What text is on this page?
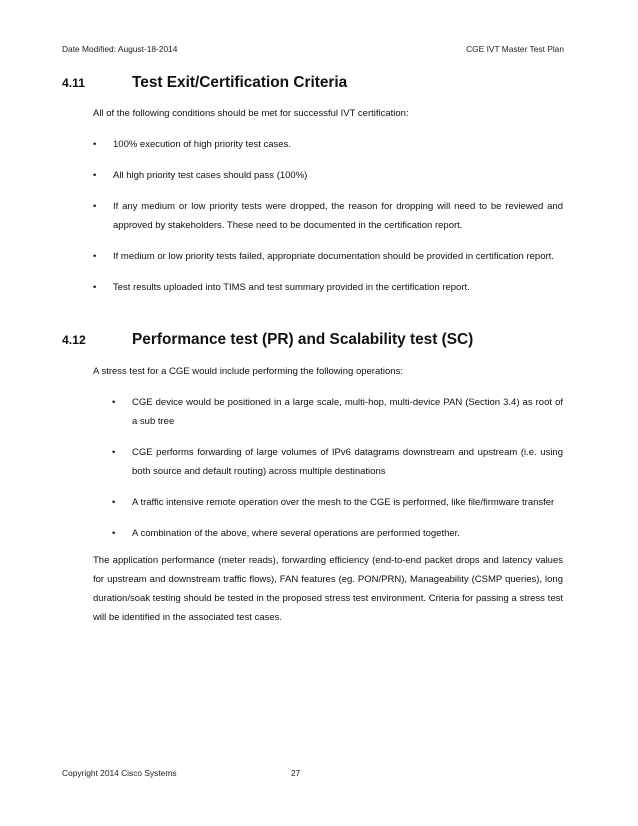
Date Modified: August-18-2014	CGE IVT Master Test Plan
4.11	Test Exit/Certification Criteria
All of the following conditions should be met for successful IVT certification:
• 100% execution of high priority test cases.
• All high priority test cases should pass (100%)
• If any medium or low priority tests were dropped, the reason for dropping will need to be reviewed and approved by stakeholders. These need to be documented in the certification report.
• If medium or low priority tests failed, appropriate documentation should be provided in certification report.
• Test results uploaded into TIMS and test summary provided in the certification report.
4.12	Performance test (PR) and Scalability test (SC)
A stress test for a CGE would include performing the following operations:
• CGE device would be positioned in a large scale, multi-hop, multi-device PAN (Section 3.4) as root of a sub tree
• CGE performs forwarding of large volumes of IPv6 datagrams downstream and upstream (i.e. using both source and default routing) across multiple destinations
• A traffic intensive remote operation over the mesh to the CGE is performed, like file/firmware transfer
• A combination of the above, where several operations are performed together.
The application performance (meter reads), forwarding efficiency (end-to-end packet drops and latency values for upstream and downstream traffic flows), FAN features (eg. PON/PRN), Manageability (CSMP queries), long duration/soak testing should be tested in the proposed stress test environment. Criteria for passing a stress test will be identified in the associated test cases.
Copyright 2014 Cisco Systems	27
